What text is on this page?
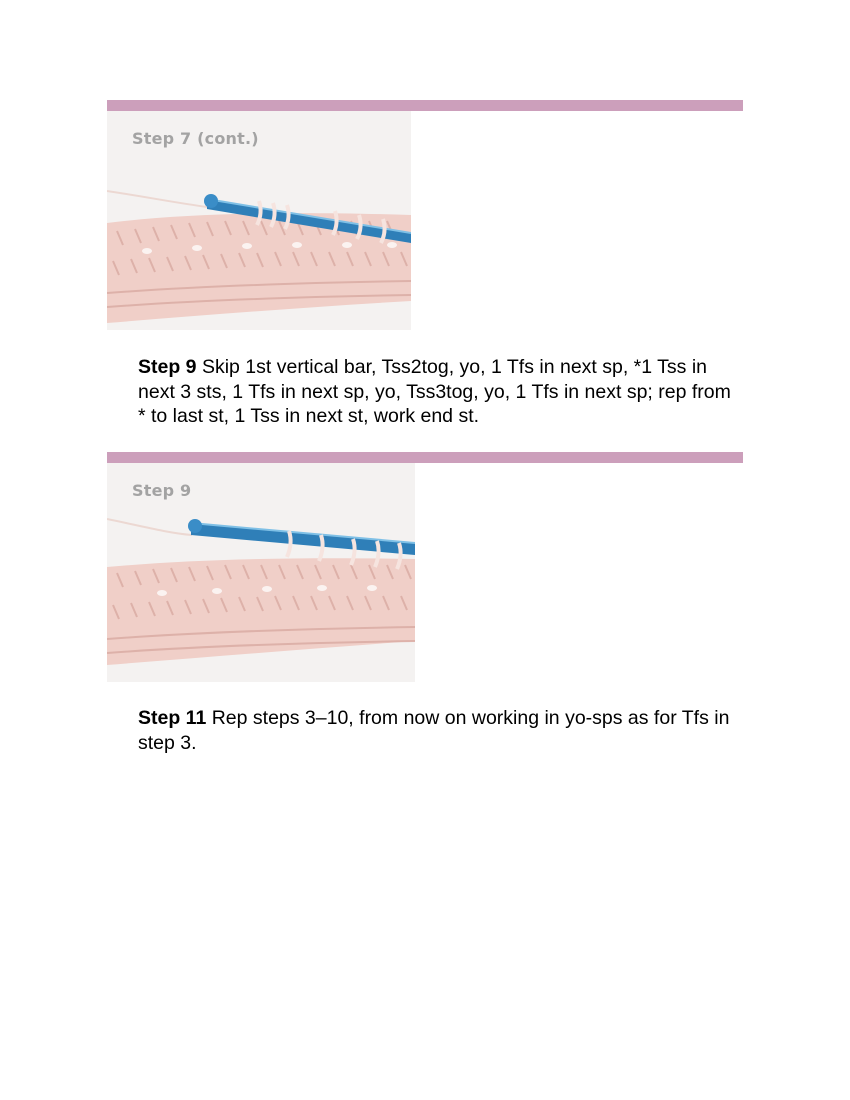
Step 7 (cont.)
Step 9 Skip 1st vertical bar, Tss2tog, yo, 1 Tfs in next sp, *1 Tss in next 3 sts, 1 Tfs in next sp, yo, Tss3tog, yo, 1 Tfs in next sp; rep from * to last st, 1 Tss in next st, work end st.
Step 9
Step 11 Rep steps 3–10, from now on working in yo-sps as for Tfs in step 3.
